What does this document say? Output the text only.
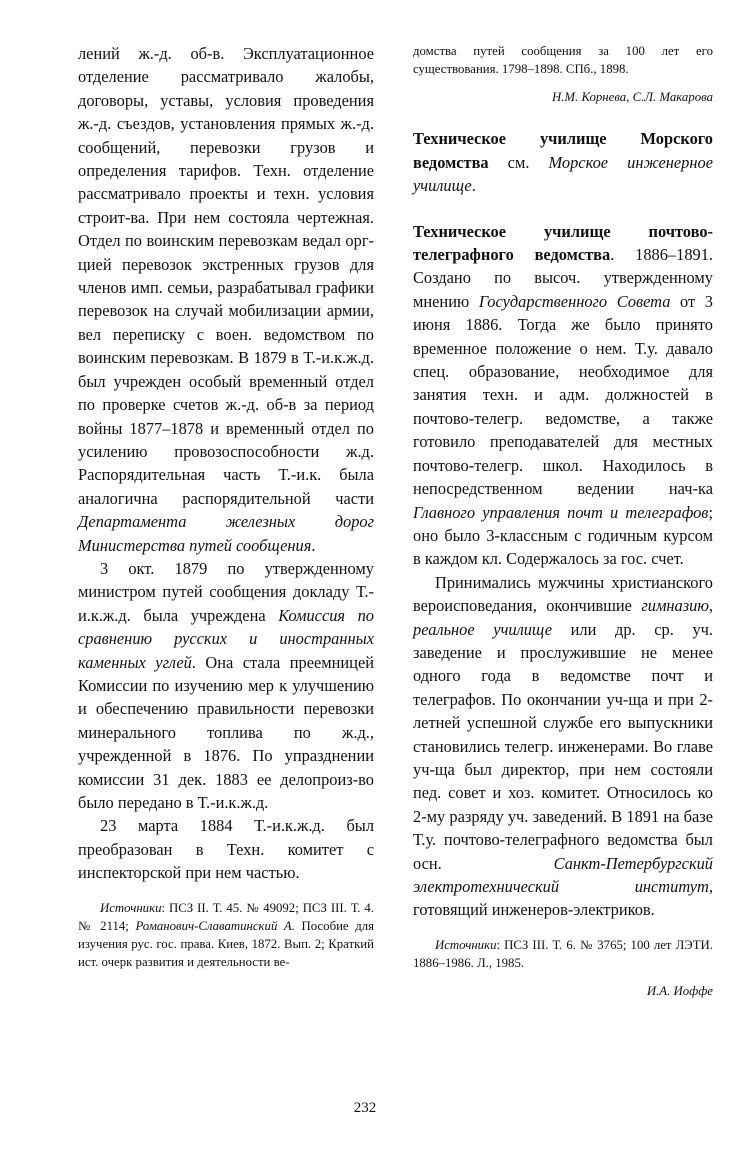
лений ж.-д. об-в. Эксплуатационное отделение рассматривало жалобы, договоры, уставы, условия проведения ж.-д. съездов, установления прямых ж.-д. сообщений, перевозки грузов и определения тарифов. Техн. отделение рассматривало проекты и техн. условия строит-ва. При нем состояла чертежная. Отдел по воинским перевозкам ведал орг-цией перевозок экстренных грузов для членов имп. семьи, разрабатывал графики перевозок на случай мобилизации армии, вел переписку с воен. ведомством по воинским перевозкам. В 1879 в Т.-и.к.ж.д. был учрежден особый временный отдел по проверке счетов ж.-д. об-в за период войны 1877–1878 и временный отдел по усилению провозоспособности ж.д. Распорядительная часть Т.-и.к. была аналогична распорядительной части Департамента железных дорог Министерства путей сообщения.

3 окт. 1879 по утвержденному министром путей сообщения докладу Т.-и.к.ж.д. была учреждена Комиссия по сравнению русских и иностранных каменных углей. Она стала преемницей Комиссии по изучению мер к улучшению и обеспечению правильности перевозки минерального топлива по ж.д., учрежденной в 1876. По упразднении комиссии 31 дек. 1883 ее делопроиз-во было передано в Т.-и.к.ж.д.

23 марта 1884 Т.-и.к.ж.д. был преобразован в Техн. комитет с инспекторской при нем частью.

Источники: ПСЗ II. Т. 45. № 49092; ПСЗ III. Т. 4. № 2114; Романович-Славатинский А. Пособие для изучения рус. гос. права. Киев, 1872. Вып. 2; Краткий ист. очерк развития и деятельности ве-

домства путей сообщения за 100 лет его существования. 1798–1898. СПб., 1898.

Н.М. Корнева, С.Л. Макарова

Техническое училище Морского ведомства см. Морское инженерное училище.

Техническое училище почтово-телеграфного ведомства. 1886–1891. Создано по высоч. утвержденному мнению Государственного Совета от 3 июня 1886. Тогда же было принято временное положение о нем. Т.у. давало спец. образование, необходимое для занятия техн. и адм. должностей в почтово-телегр. ведомстве, а также готовило преподавателей для местных почтово-телегр. школ. Находилось в непосредственном ведении нач-ка Главного управления почт и телеграфов; оно было 3-классным с годичным курсом в каждом кл. Содержалось за гос. счет.

Принимались мужчины христианского вероисповедания, окончившие гимназию, реальное училище или др. ср. уч. заведение и прослужившие не менее одного года в ведомстве почт и телеграфов. По окончании уч-ща и при 2-летней успешной службе его выпускники становились телегр. инженерами. Во главе уч-ща был директор, при нем состояли пед. совет и хоз. комитет. Относилось ко 2-му разряду уч. заведений. В 1891 на базе Т.у. почтово-телеграфного ведомства был осн. Санкт-Петербургский электротехнический институт, готовящий инженеров-электриков.

Источники: ПСЗ III. Т. 6. № 3765; 100 лет ЛЭТИ. 1886–1986. Л., 1985.

И.А. Иоффе

232
